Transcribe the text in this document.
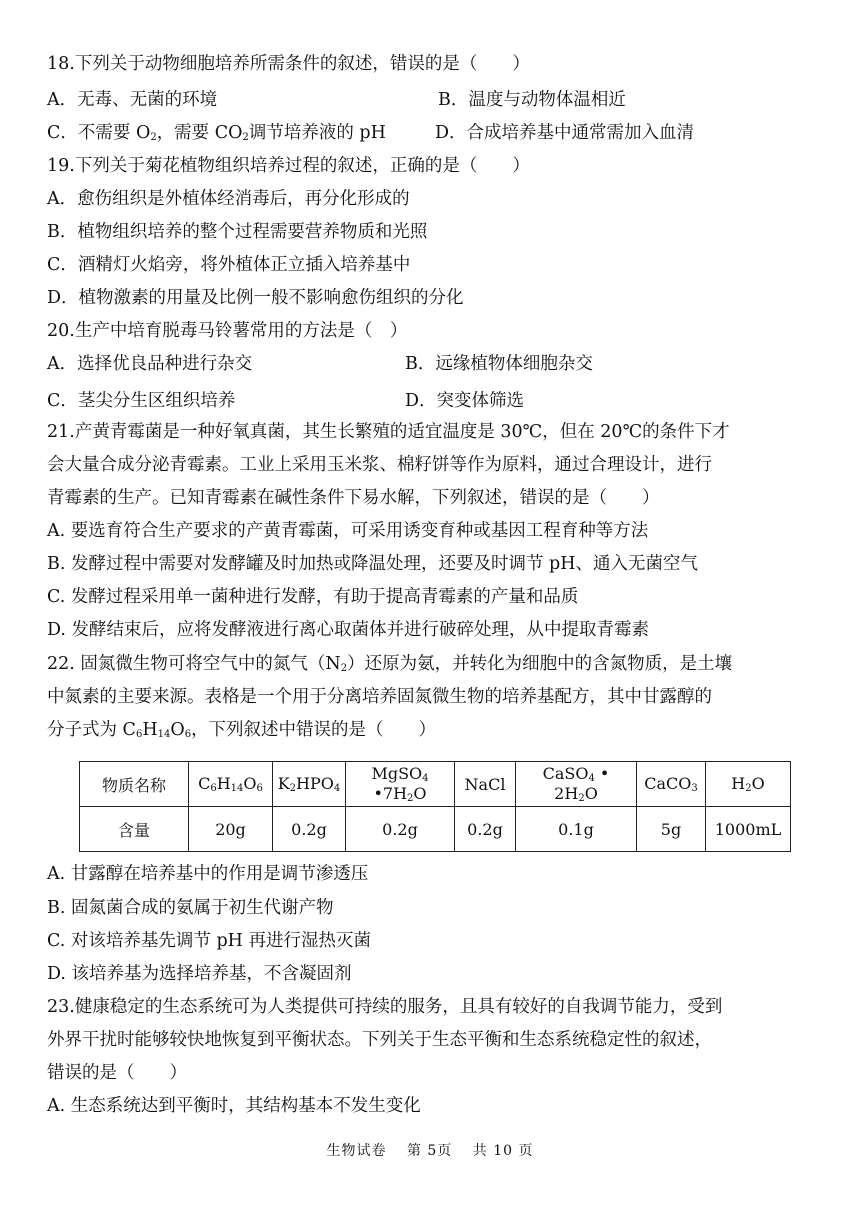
18.下列关于动物细胞培养所需条件的叙述，错误的是（　　）
A．无毒、无菌的环境	B．温度与动物体温相近
C．不需要 $O_2$，需要 $CO_2$调节培养液的 pH	D．合成培养基中通常需加入血清
19.下列关于菊花植物组织培养过程的叙述，正确的是（　　）
A．愈伤组织是外植体经消毒后，再分化形成的
B．植物组织培养的整个过程需要营养物质和光照
C．酒精灯火焰旁，将外植体正立插入培养基中
D．植物激素的用量及比例一般不影响愈伤组织的分化
20.生产中培育脱毒马铃薯常用的方法是（　）
A．选择优良品种进行杂交	B．远缘植物体细胞杂交
C．茎尖分生区组织培养	D．突变体筛选
21.产黄青霉菌是一种好氧真菌，其生长繁殖的适宜温度是 30℃，但在 20℃的条件下才
会大量合成分泌青霉素。工业上采用玉米浆、棉籽饼等作为原料，通过合理设计，进行
青霉素的生产。已知青霉素在碱性条件下易水解，下列叙述，错误的是（　　）
A. 要选育符合生产要求的产黄青霉菌，可采用诱变育种或基因工程育种等方法
B. 发酵过程中需要对发酵罐及时加热或降温处理，还要及时调节 pH、通入无菌空气
C. 发酵过程采用单一菌种进行发酵，有助于提高青霉素的产量和品质
D. 发酵结束后，应将发酵液进行离心取菌体并进行破碎处理，从中提取青霉素
22. 固氮微生物可将空气中的氮气$(N_2)$还原为氨，并转化为细胞中的含氮物质，是土壤
中氮素的主要来源。表格是一个用于分离培养固氮微生物的培养基配方，其中甘露醇的
分子式为 $C_6H_{14}O_6$，下列叙述中错误的是（　　）
物质名称	$C_6H_{14}O_6$	$K_2HPO_4$	MgSO$_4$ $•7H_2O$	NaCl	CaSO$_4$ • $2H_2O$	CaCO$_3$	$H_2O$
含量	20g	0.2g	0.2g	0.2g	0.1g	5g	1000mL
A. 甘露醇在培养基中的作用是调节渗透压
B. 固氮菌合成的氨属于初生代谢产物
C. 对该培养基先调节 pH 再进行湿热灭菌
D. 该培养基为选择培养基，不含凝固剂
23.健康稳定的生态系统可为人类提供可持续的服务，且具有较好的自我调节能力，受到
外界干扰时能够较快地恢复到平衡状态。下列关于生态平衡和生态系统稳定性的叙述，
错误的是（　　）
A. 生态系统达到平衡时，其结构基本不发生变化
生物试卷　 第 5页　 共 10 页
